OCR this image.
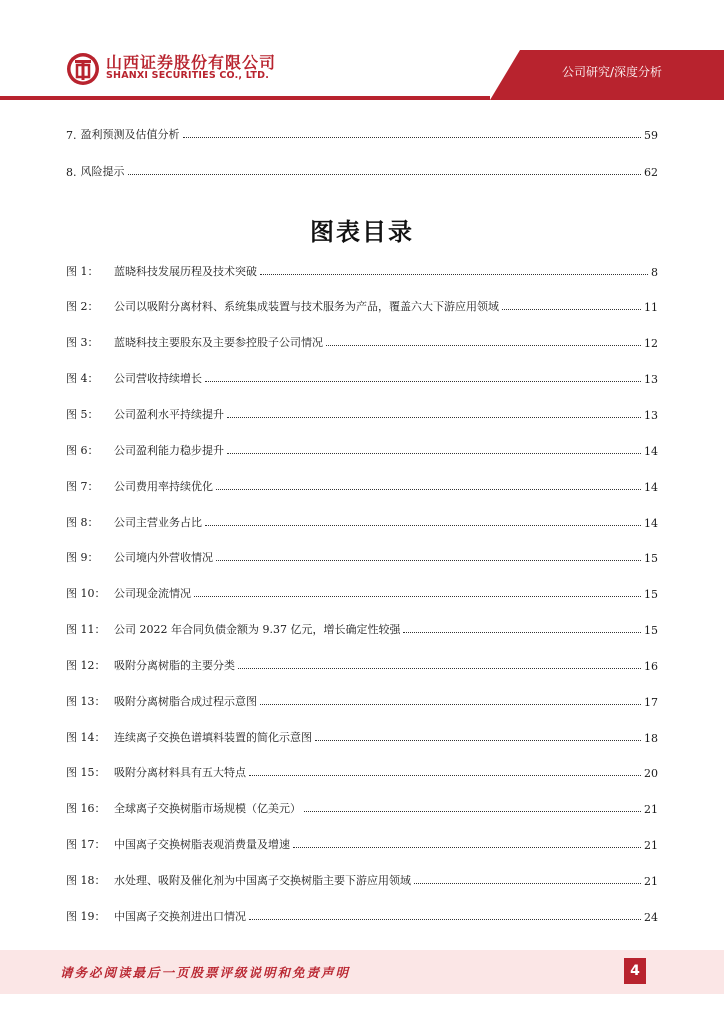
山西证券股份有限公司
SHANXI SECURITIES CO., LTD.	公司研究/深度分析
7. 盈利预测及估值分析	59
8. 风险提示	62
图表目录
图 1：	蓝晓科技发展历程及技术突破	8
图 2：	公司以吸附分离材料、系统集成装置与技术服务为产品，覆盖六大下游应用领域	11
图 3：	蓝晓科技主要股东及主要参控股子公司情况	12
图 4：	公司营收持续增长	13
图 5：	公司盈利水平持续提升	13
图 6：	公司盈利能力稳步提升	14
图 7：	公司费用率持续优化	14
图 8：	公司主营业务占比	14
图 9：	公司境内外营收情况	15
图 10： 公司现金流情况	15
图 11： 公司 2022 年合同负债金额为 9.37 亿元，增长确定性较强	15
图 12： 吸附分离树脂的主要分类	16
图 13： 吸附分离树脂合成过程示意图	17
图 14： 连续离子交换色谱填料装置的简化示意图	18
图 15： 吸附分离材料具有五大特点	20
图 16： 全球离子交换树脂市场规模（亿美元）	21
图 17： 中国离子交换树脂表观消费量及增速	21
图 18： 水处理、吸附及催化剂为中国离子交换树脂主要下游应用领域	21
图 19： 中国离子交换剂进出口情况	24
请务必阅读最后一页股票评级说明和免责声明	4
